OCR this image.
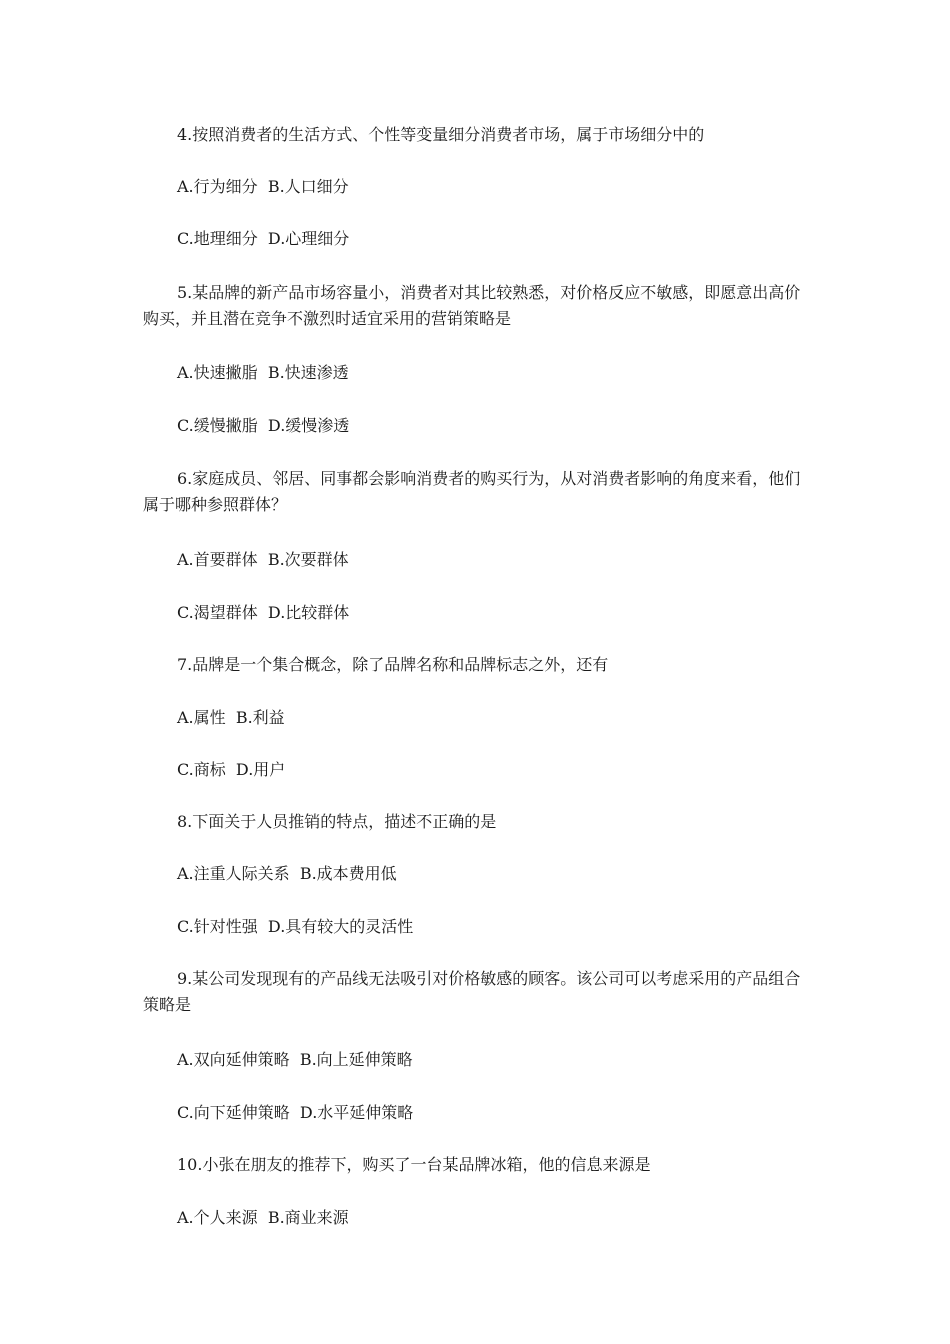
4.按照消费者的生活方式、个性等变量细分消费者市场，属于市场细分中的

A.行为细分  B.人口细分

C.地理细分  D.心理细分

5.某品牌的新产品市场容量小，消费者对其比较熟悉，对价格反应不敏感，即愿意出高价购买，并且潜在竞争不激烈时适宜采用的营销策略是

A.快速撇脂  B.快速渗透

C.缓慢撇脂  D.缓慢渗透

6.家庭成员、邻居、同事都会影响消费者的购买行为，从对消费者影响的角度来看，他们属于哪种参照群体？

A.首要群体  B.次要群体

C.渴望群体  D.比较群体

7.品牌是一个集合概念，除了品牌名称和品牌标志之外，还有

A.属性  B.利益

C.商标  D.用户

8.下面关于人员推销的特点，描述不正确的是

A.注重人际关系  B.成本费用低

C.针对性强  D.具有较大的灵活性

9.某公司发现现有的产品线无法吸引对价格敏感的顾客。该公司可以考虑采用的产品组合策略是

A.双向延伸策略  B.向上延伸策略

C.向下延伸策略  D.水平延伸策略

10.小张在朋友的推荐下，购买了一台某品牌冰箱，他的信息来源是

A.个人来源  B.商业来源
